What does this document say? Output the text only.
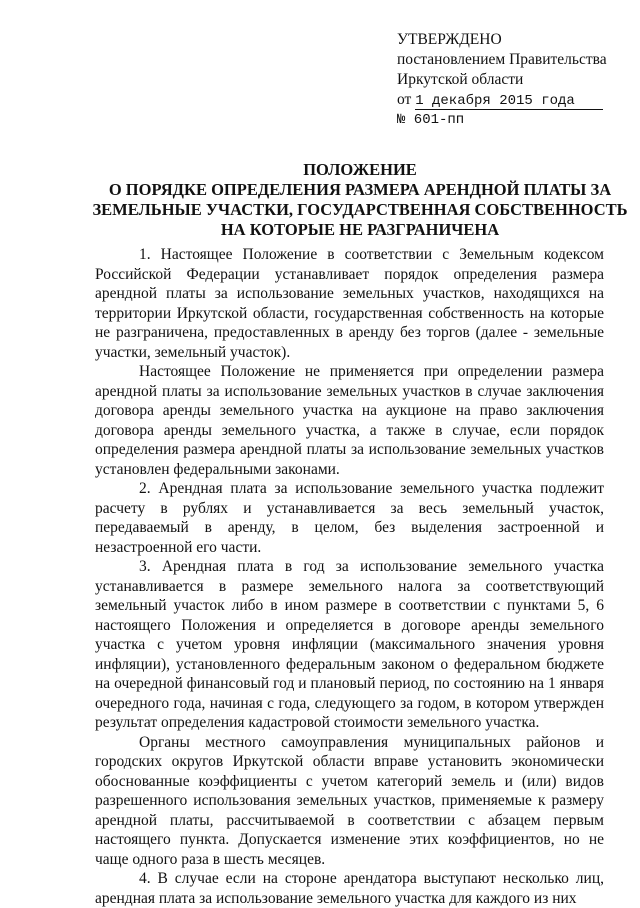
УТВЕРЖДЕНО
постановлением Правительства
Иркутской области
от 1 декабря 2015 года
№ 601-пп
ПОЛОЖЕНИЕ
О ПОРЯДКЕ ОПРЕДЕЛЕНИЯ РАЗМЕРА АРЕНДНОЙ ПЛАТЫ ЗА
ЗЕМЕЛЬНЫЕ УЧАСТКИ, ГОСУДАРСТВЕННАЯ СОБСТВЕННОСТЬ
НА КОТОРЫЕ НЕ РАЗГРАНИЧЕНА

1. Настоящее Положение в соответствии с Земельным кодексом Российской Федерации устанавливает порядок определения размера арендной платы за использование земельных участков, находящихся на территории Иркутской области, государственная собственность на которые не разграничена, предоставленных в аренду без торгов (далее - земельные участки, земельный участок).

Настоящее Положение не применяется при определении размера арендной платы за использование земельных участков в случае заключения договора аренды земельного участка на аукционе на право заключения договора аренды земельного участка, а также в случае, если порядок определения размера арендной платы за использование земельных участков установлен федеральными законами.

2. Арендная плата за использование земельного участка подлежит расчету в рублях и устанавливается за весь земельный участок, передаваемый в аренду, в целом, без выделения застроенной и незастроенной его части.

3. Арендная плата в год за использование земельного участка устанавливается в размере земельного налога за соответствующий земельный участок либо в ином размере в соответствии с пунктами 5, 6 настоящего Положения и определяется в договоре аренды земельного участка с учетом уровня инфляции (максимального значения уровня инфляции), установленного федеральным законом о федеральном бюджете на очередной финансовый год и плановый период, по состоянию на 1 января очередного года, начиная с года, следующего за годом, в котором утвержден результат определения кадастровой стоимости земельного участка.

Органы местного самоуправления муниципальных районов и городских округов Иркутской области вправе установить экономически обоснованные коэффициенты с учетом категорий земель и (или) видов разрешенного использования земельных участков, применяемые к размеру арендной платы, рассчитываемой в соответствии с абзацем первым настоящего пункта. Допускается изменение этих коэффициентов, но не чаще одного раза в шесть месяцев.

4. В случае если на стороне арендатора выступают несколько лиц, арендная плата за использование земельного участка для каждого из них
